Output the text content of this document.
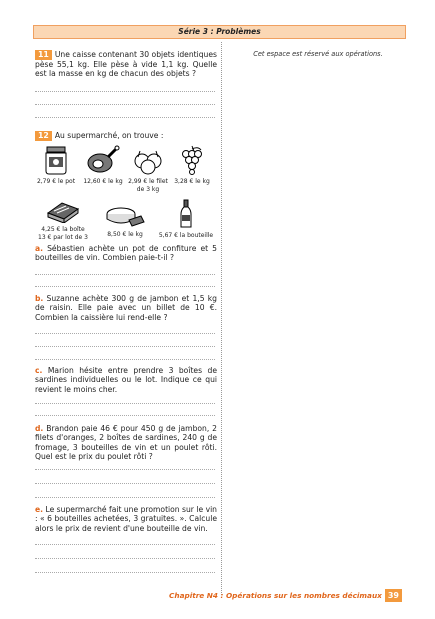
Série 3 : Problèmes
Cet espace est réservé aux opérations.
11 Une caisse contenant 30 objets identiques pèse 55,1 kg. Elle pèse à vide 1,1 kg. Quelle est la masse en kg de chacun des objets ?
12 Au supermarché, on trouve :
2,79 € le pot	12,60 € le kg 2,99 € le filet
de 3 kg
3,28 € le kg
4,25 € la boîte
13 € par lot de 3	8,50 € le kg	5,67 € la bouteille
a. Sébastien achète un pot de confiture et 5 bouteilles de vin. Combien paie-t-il ?
b. Suzanne achète 300 g de jambon et 1,5 kg de raisin. Elle paie avec un billet de 10 €. Combien la caissière lui rend-elle ?
c. Marion hésite entre prendre 3 boîtes de sardines individuelles ou le lot. Indique ce qui revient le moins cher.
d. Brandon paie 46 € pour 450 g de jambon, 2 filets d'oranges, 2 boîtes de sardines, 240 g de fromage, 3 bouteilles de vin et un poulet rôti. Quel est le prix du poulet rôti ?
e. Le supermarché fait une promotion sur le vin : « 6 bouteilles achetées, 3 gratuites. ». Calcule alors le prix de revient d'une bouteille de vin.
Chapitre N4 : Opérations sur les nombres décimaux 39
